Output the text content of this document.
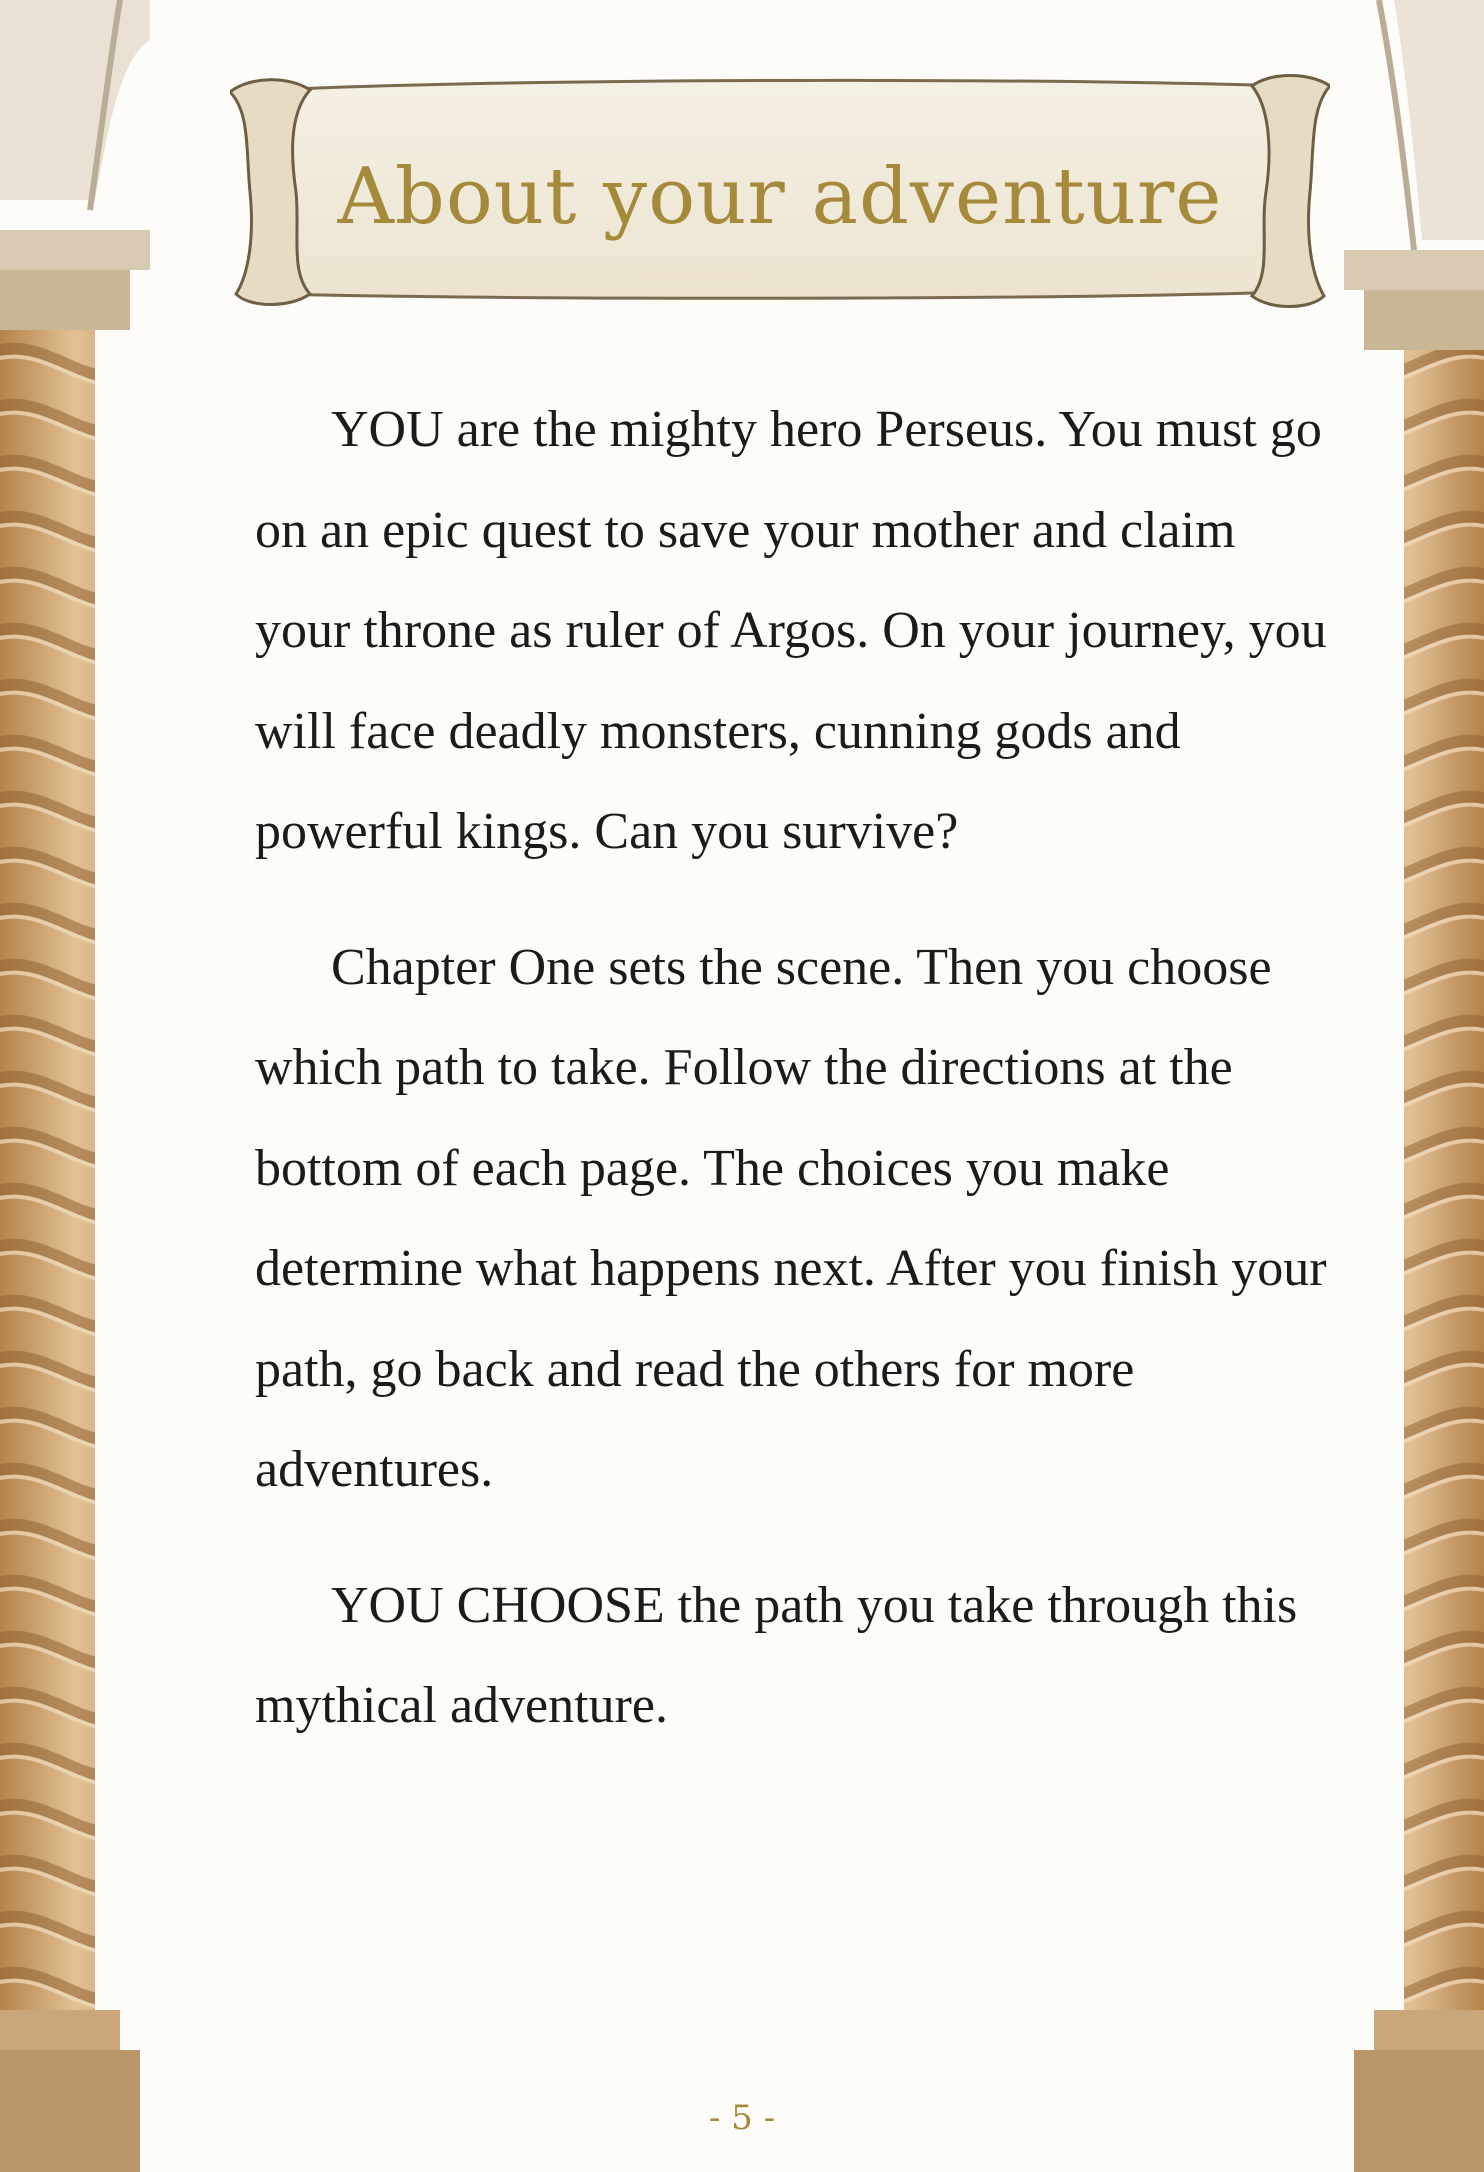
About your adventure

YOU are the mighty hero Perseus. You must go on an epic quest to save your mother and claim your throne as ruler of Argos. On your journey, you will face deadly monsters, cunning gods and powerful kings. Can you survive?

Chapter One sets the scene. Then you choose which path to take. Follow the directions at the bottom of each page. The choices you make determine what happens next. After you finish your path, go back and read the others for more adventures.

YOU CHOOSE the path you take through this mythical adventure.

- 5 -
